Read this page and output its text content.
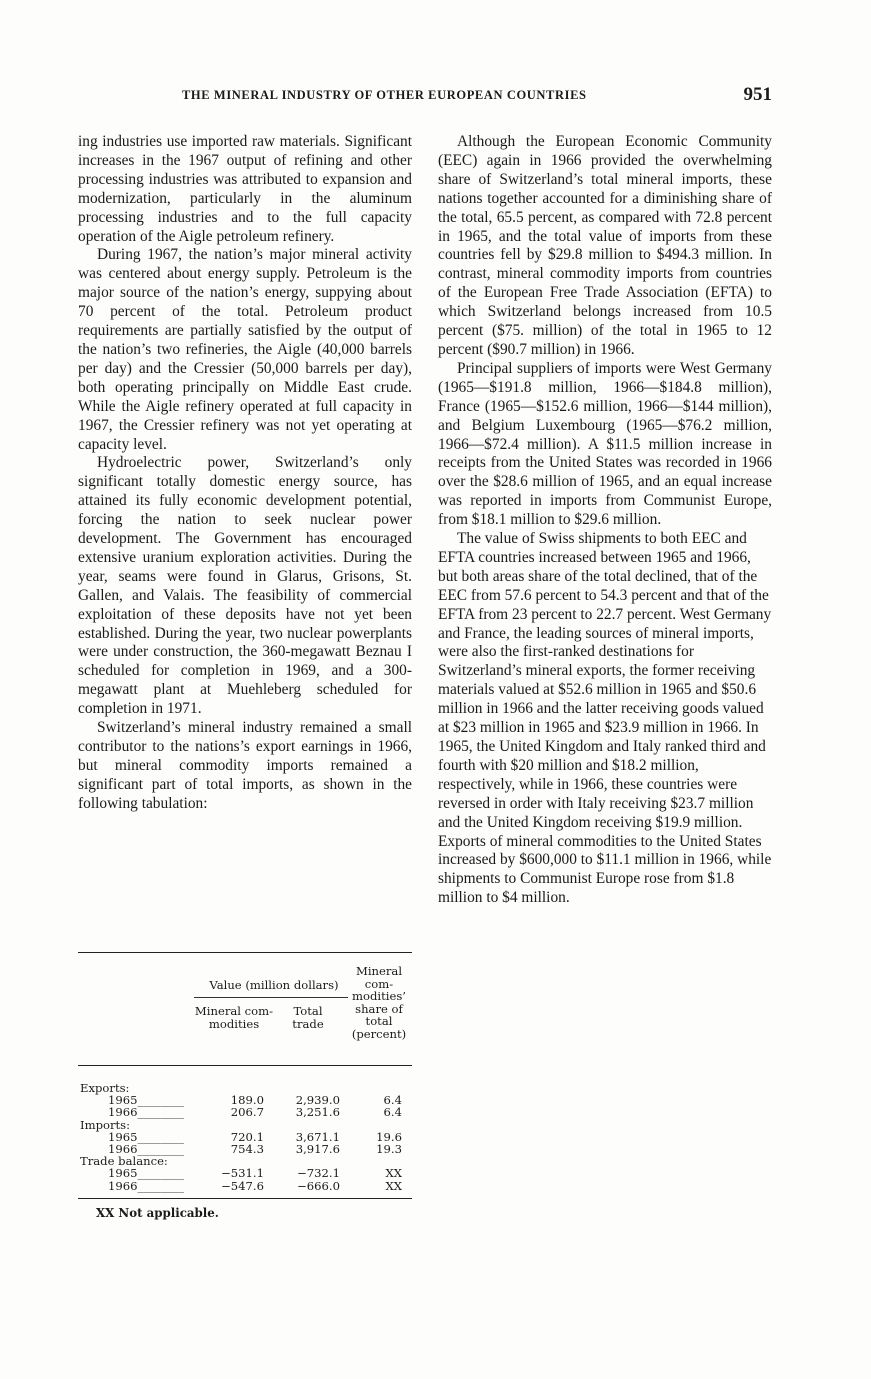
THE MINERAL INDUSTRY OF OTHER EUROPEAN COUNTRIES	951

ing industries use imported raw materials. Significant increases in the 1967 output of refining and other processing industries was attributed to expansion and modernization, particularly in the aluminum processing industries and to the full capacity operation of the Aigle petroleum refinery.

During 1967, the nation’s major mineral activity was centered about energy supply. Petroleum is the major source of the nation’s energy, suppying about 70 percent of the total. Petroleum product requirements are partially satisfied by the output of the nation’s two refineries, the Aigle (40,000 barrels per day) and the Cressier (50,000 barrels per day), both operating principally on Middle East crude. While the Aigle refinery operated at full capacity in 1967, the Cressier refinery was not yet operating at capacity level.

Hydroelectric power, Switzerland’s only significant totally domestic energy source, has attained its fully economic development potential, forcing the nation to seek nuclear power development. The Government has encouraged extensive uranium exploration activities. During the year, seams were found in Glarus, Grisons, St. Gallen, and Valais. The feasibility of commercial exploitation of these deposits have not yet been established. During the year, two nuclear powerplants were under construction, the 360-megawatt Beznau I scheduled for completion in 1969, and a 300-megawatt plant at Muehleberg scheduled for completion in 1971.

Switzerland’s mineral industry remained a small contributor to the nations’s export earnings in 1966, but mineral commodity imports remained a significant part of total imports, as shown in the following tabulation:

Value (million dollars)
Mineral com- modities
Total trade
Mineral com- modities’ share of total (percent)
Exports:
1965________	189.0	2,939.0	6.4
1966________	206.7	3,251.6	6.4
Imports:
1965________	720.1	3,671.1	19.6
1966________	754.3	3,917.6	19.3
Trade balance:
1965________	−531.1	−732.1	XX
1966________	−547.6	−666.0	XX
XX Not applicable.

Although the European Economic Community (EEC) again in 1966 provided the overwhelming share of Switzerland’s total mineral imports, these nations together accounted for a diminishing share of the total, 65.5 percent, as compared with 72.8 percent in 1965, and the total value of imports from these countries fell by $29.8 million to $494.3 million. In contrast, mineral commodity imports from countries of the European Free Trade Association (EFTA) to which Switzerland belongs increased from 10.5 percent ($75. million) of the total in 1965 to 12 percent ($90.7 million) in 1966.

Principal suppliers of imports were West Germany (1965—$191.8 million, 1966—$184.8 million), France (1965—$152.6 million, 1966—$144 million), and Belgium Luxembourg (1965—$76.2 million, 1966—$72.4 million). A $11.5 million increase in receipts from the United States was recorded in 1966 over the $28.6 million of 1965, and an equal increase was reported in imports from Communist Europe, from $18.1 million to $29.6 million.

The value of Swiss shipments to both EEC and EFTA countries increased between 1965 and 1966, but both areas share of the total declined, that of the EEC from 57.6 percent to 54.3 percent and that of the EFTA from 23 percent to 22.7 percent. West Germany and France, the leading sources of mineral imports, were also the first-ranked destinations for Switzerland’s mineral exports, the former receiving materials valued at $52.6 million in 1965 and $50.6 million in 1966 and the latter receiving goods valued at $23 million in 1965 and $23.9 million in 1966. In 1965, the United Kingdom and Italy ranked third and fourth with $20 million and $18.2 million, respectively, while in 1966, these countries were reversed in order with Italy receiving $23.7 million and the United Kingdom receiving $19.9 million. Exports of mineral commodities to the United States increased by $600,000 to $11.1 million in 1966, while shipments to Communist Europe rose from $1.8 million to $4 million.
